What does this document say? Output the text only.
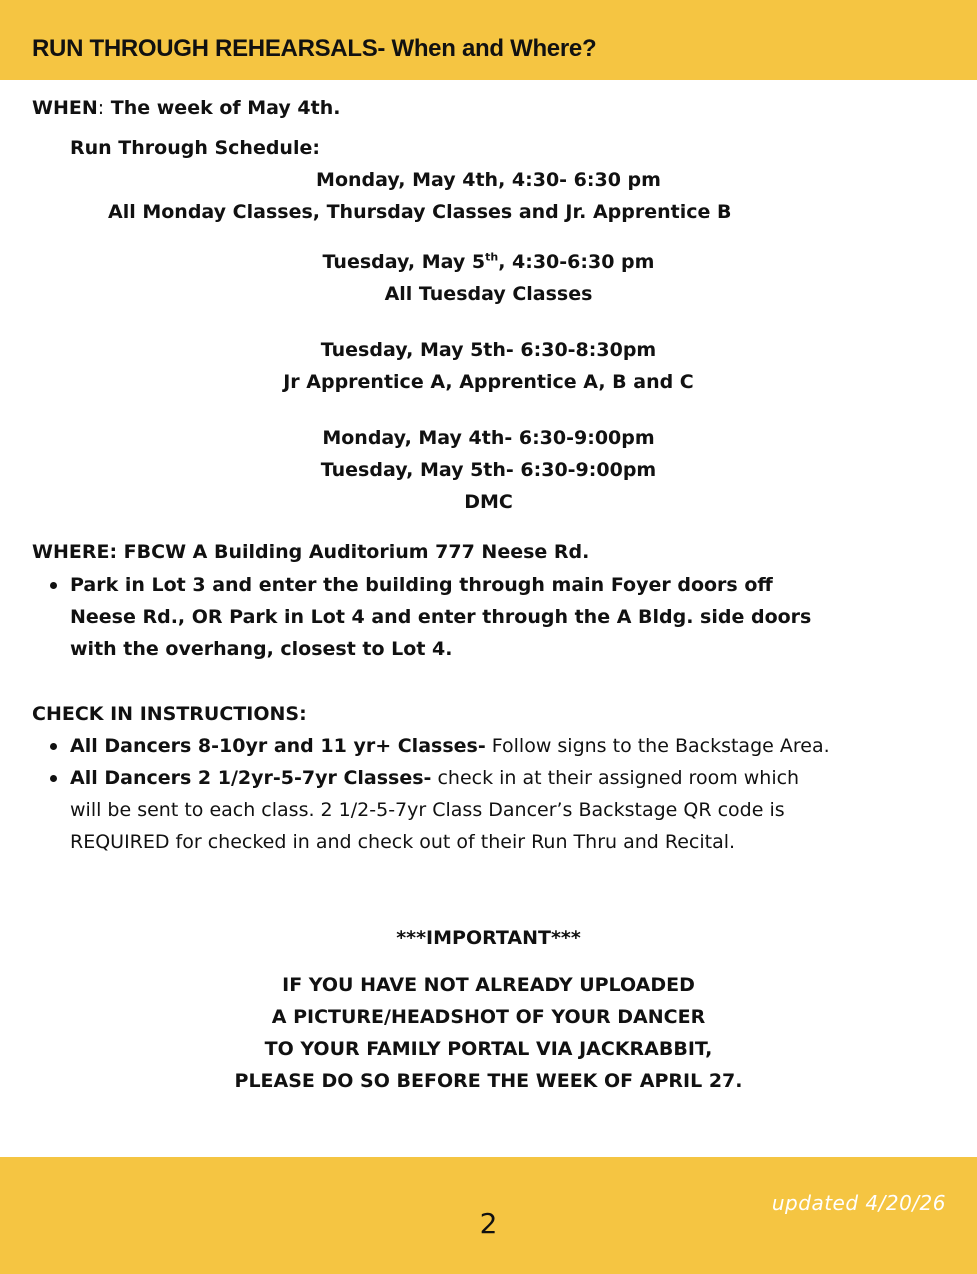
RUN THROUGH REHEARSALS- When and Where?

WHEN: The week of May 4th.

Run Through Schedule:

Monday, May 4th, 4:30- 6:30 pm

All Monday Classes, Thursday Classes and Jr. Apprentice B

Tuesday, May 5th, 4:30-6:30 pm

All Tuesday Classes

Tuesday, May 5th- 6:30-8:30pm

Jr Apprentice A, Apprentice A, B and C

Monday, May 4th- 6:30-9:00pm

Tuesday, May 5th- 6:30-9:00pm

DMC

WHERE: FBCW A Building Auditorium 777 Neese Rd.

Park in Lot 3 and enter the building through main Foyer doors off

Neese Rd., OR Park in Lot 4 and enter through the A Bldg. side doors

with the overhang, closest to Lot 4.

CHECK IN INSTRUCTIONS:

All Dancers 8-10yr and 11 yr+ Classes- Follow signs to the Backstage Area.

All Dancers 2 1/2yr-5-7yr Classes- check in at their assigned room which

will be sent to each class. 2 1/2-5-7yr Class Dancer’s Backstage QR code is

REQUIRED for checked in and check out of their Run Thru and Recital.

***IMPORTANT***

IF YOU HAVE NOT ALREADY UPLOADED

A PICTURE/HEADSHOT OF YOUR DANCER

TO YOUR FAMILY PORTAL VIA JACKRABBIT,

PLEASE DO SO BEFORE THE WEEK OF APRIL 27.

updated 4/20/26

2
